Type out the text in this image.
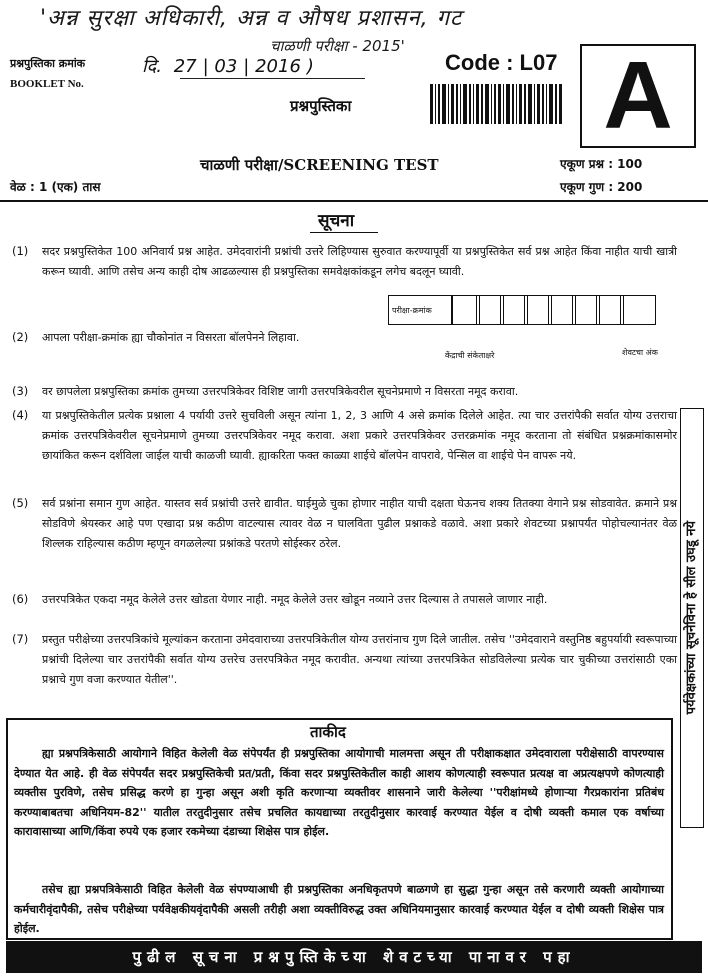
'अन्न सुरक्षा अधिकारी, अन्न व औषध प्रशासन, गट
चाळणी परीक्षा - 2015'
प्रश्नपुस्तिका क्रमांक
BOOKLET No.
दि. 27 | 03 | 2016 )	Code : L07 A
प्रश्नपुस्तिका
चाळणी परीक्षा/SCREENING TEST	एकूण प्रश्न : 100
एकूण गुण : 200
वेळ : 1 (एक) तास
सूचना
(1) सदर प्रश्नपुस्तिकेत 100 अनिवार्य प्रश्न आहेत. उमेदवारांनी प्रश्नांची उत्तरे लिहिण्यास सुरुवात करण्यापूर्वी या प्रश्नपुस्तिकेत सर्व प्रश्न आहेत किंवा नाहीत याची खात्री करून घ्यावी. आणि तसेच अन्य काही दोष आढळल्यास ही प्रश्नपुस्तिका समवेक्षकांकडून लगेच बदलून घ्यावी.
(2) आपला परीक्षा-क्रमांक ह्या चौकोनांत न विसरता बॉलपेनने लिहावा.
परीक्षा-क्रमांक
केंद्राची संकेताक्षरे	शेवटचा अंक
(3) वर छापलेला प्रश्नपुस्तिका क्रमांक तुमच्या उत्तरपत्रिकेवर विशिष्ट जागी उत्तरपत्रिकेवरील सूचनेप्रमाणे न विसरता नमूद करावा.
(4) या प्रश्नपुस्तिकेतील प्रत्येक प्रश्नाला 4 पर्यायी उत्तरे सुचविली असून त्यांना 1, 2, 3 आणि 4 असे क्रमांक दिलेले आहेत. त्या चार उत्तरांपैकी सर्वात योग्य उत्तराचा क्रमांक उत्तरपत्रिकेवरील सूचनेप्रमाणे तुमच्या उत्तरपत्रिकेवर नमूद करावा. अशा प्रकारे उत्तरपत्रिकेवर उत्तरक्रमांक नमूद करताना तो संबंधित प्रश्नक्रमांकासमोर छायांकित करून दर्शविला जाईल याची काळजी घ्यावी. ह्याकरिता फक्त काळ्या शाईचे बॉलपेन वापरावे, पेन्सिल वा शाईचे पेन वापरू नये.
(5) सर्व प्रश्नांना समान गुण आहेत. यास्तव सर्व प्रश्नांची उत्तरे द्यावीत. घाईमुळे चुका होणार नाहीत याची दक्षता घेऊनच शक्य तितक्या वेगाने प्रश्न सोडवावेत. क्रमाने प्रश्न सोडविणे श्रेयस्कर आहे पण एखादा प्रश्न कठीण वाटल्यास त्यावर वेळ न घालविता पुढील प्रश्नाकडे वळावे. अशा प्रकारे शेवटच्या प्रश्नापर्यंत पोहोचल्यानंतर वेळ शिल्लक राहिल्यास कठीण म्हणून वगळलेल्या प्रश्नांकडे परतणे सोईस्कर ठरेल.
(6) उत्तरपत्रिकेत एकदा नमूद केलेले उत्तर खोडता येणार नाही. नमूद केलेले उत्तर खोडून नव्याने उत्तर दिल्यास ते तपासले जाणार नाही.
(7) प्रस्तुत परीक्षेच्या उत्तरपत्रिकांचे मूल्यांकन करताना उमेदवाराच्या उत्तरपत्रिकेतील योग्य उत्तरांनाच गुण दिले जातील. तसेच ''उमेदवाराने वस्तुनिष्ठ बहुपर्यायी स्वरूपाच्या प्रश्नांची दिलेल्या चार उत्तरांपैकी सर्वात योग्य उत्तरेच उत्तरपत्रिकेत नमूद करावीत. अन्यथा त्यांच्या उत्तरपत्रिकेत सोडविलेल्या प्रत्येक चार चुकीच्या उत्तरांसाठी एका प्रश्नाचे गुण वजा करण्यात येतील''.	पर्यवेक्षकांच्या सूचनेविना हे सील उघडू नये
ताकीद
ह्या प्रश्नपत्रिकेसाठी आयोगाने विहित केलेली वेळ संपेपर्यंत ही प्रश्नपुस्तिका आयोगाची मालमत्ता असून ती परीक्षाकक्षात उमेदवाराला परीक्षेसाठी वापरण्यास देण्यात येत आहे. ही वेळ संपेपर्यंत सदर प्रश्नपुस्तिकेची प्रत/प्रती, किंवा सदर प्रश्नपुस्तिकेतील काही आशय कोणत्याही स्वरूपात प्रत्यक्ष वा अप्रत्यक्षपणे कोणत्याही व्यक्तीस पुरविणे, तसेच प्रसिद्ध करणे हा गुन्हा असून अशी कृति करणाऱ्या व्यक्तीवर शासनाने जारी केलेल्या ''परीक्षांमध्ये होणाऱ्या गैरप्रकारांना प्रतिबंध करण्याबाबतचा अधिनियम-82'' यातील तरतुदीनुसार तसेच प्रचलित कायद्याच्या तरतुदीनुसार कारवाई करण्यात येईल व दोषी व्यक्ती कमाल एक वर्षाच्या कारावासाच्या आणि/किंवा रुपये एक हजार रकमेच्या दंडाच्या शिक्षेस पात्र होईल.
तसेच ह्या प्रश्नपत्रिकेसाठी विहित केलेली वेळ संपण्याआधी ही प्रश्नपुस्तिका अनधिकृतपणे बाळगणे हा सुद्धा गुन्हा असून तसे करणारी व्यक्ती आयोगाच्या कर्मचारीवृंदापैकी, तसेच परीक्षेच्या पर्यवेक्षकीयवृंदापैकी असली तरीही अशा व्यक्तीविरुद्ध उक्त अधिनियमानुसार कारवाई करण्यात येईल व दोषी व्यक्ती शिक्षेस पात्र होईल.
पुढील सूचना प्रश्नपुस्तिकेच्या शेवटच्या पानावर पहा
